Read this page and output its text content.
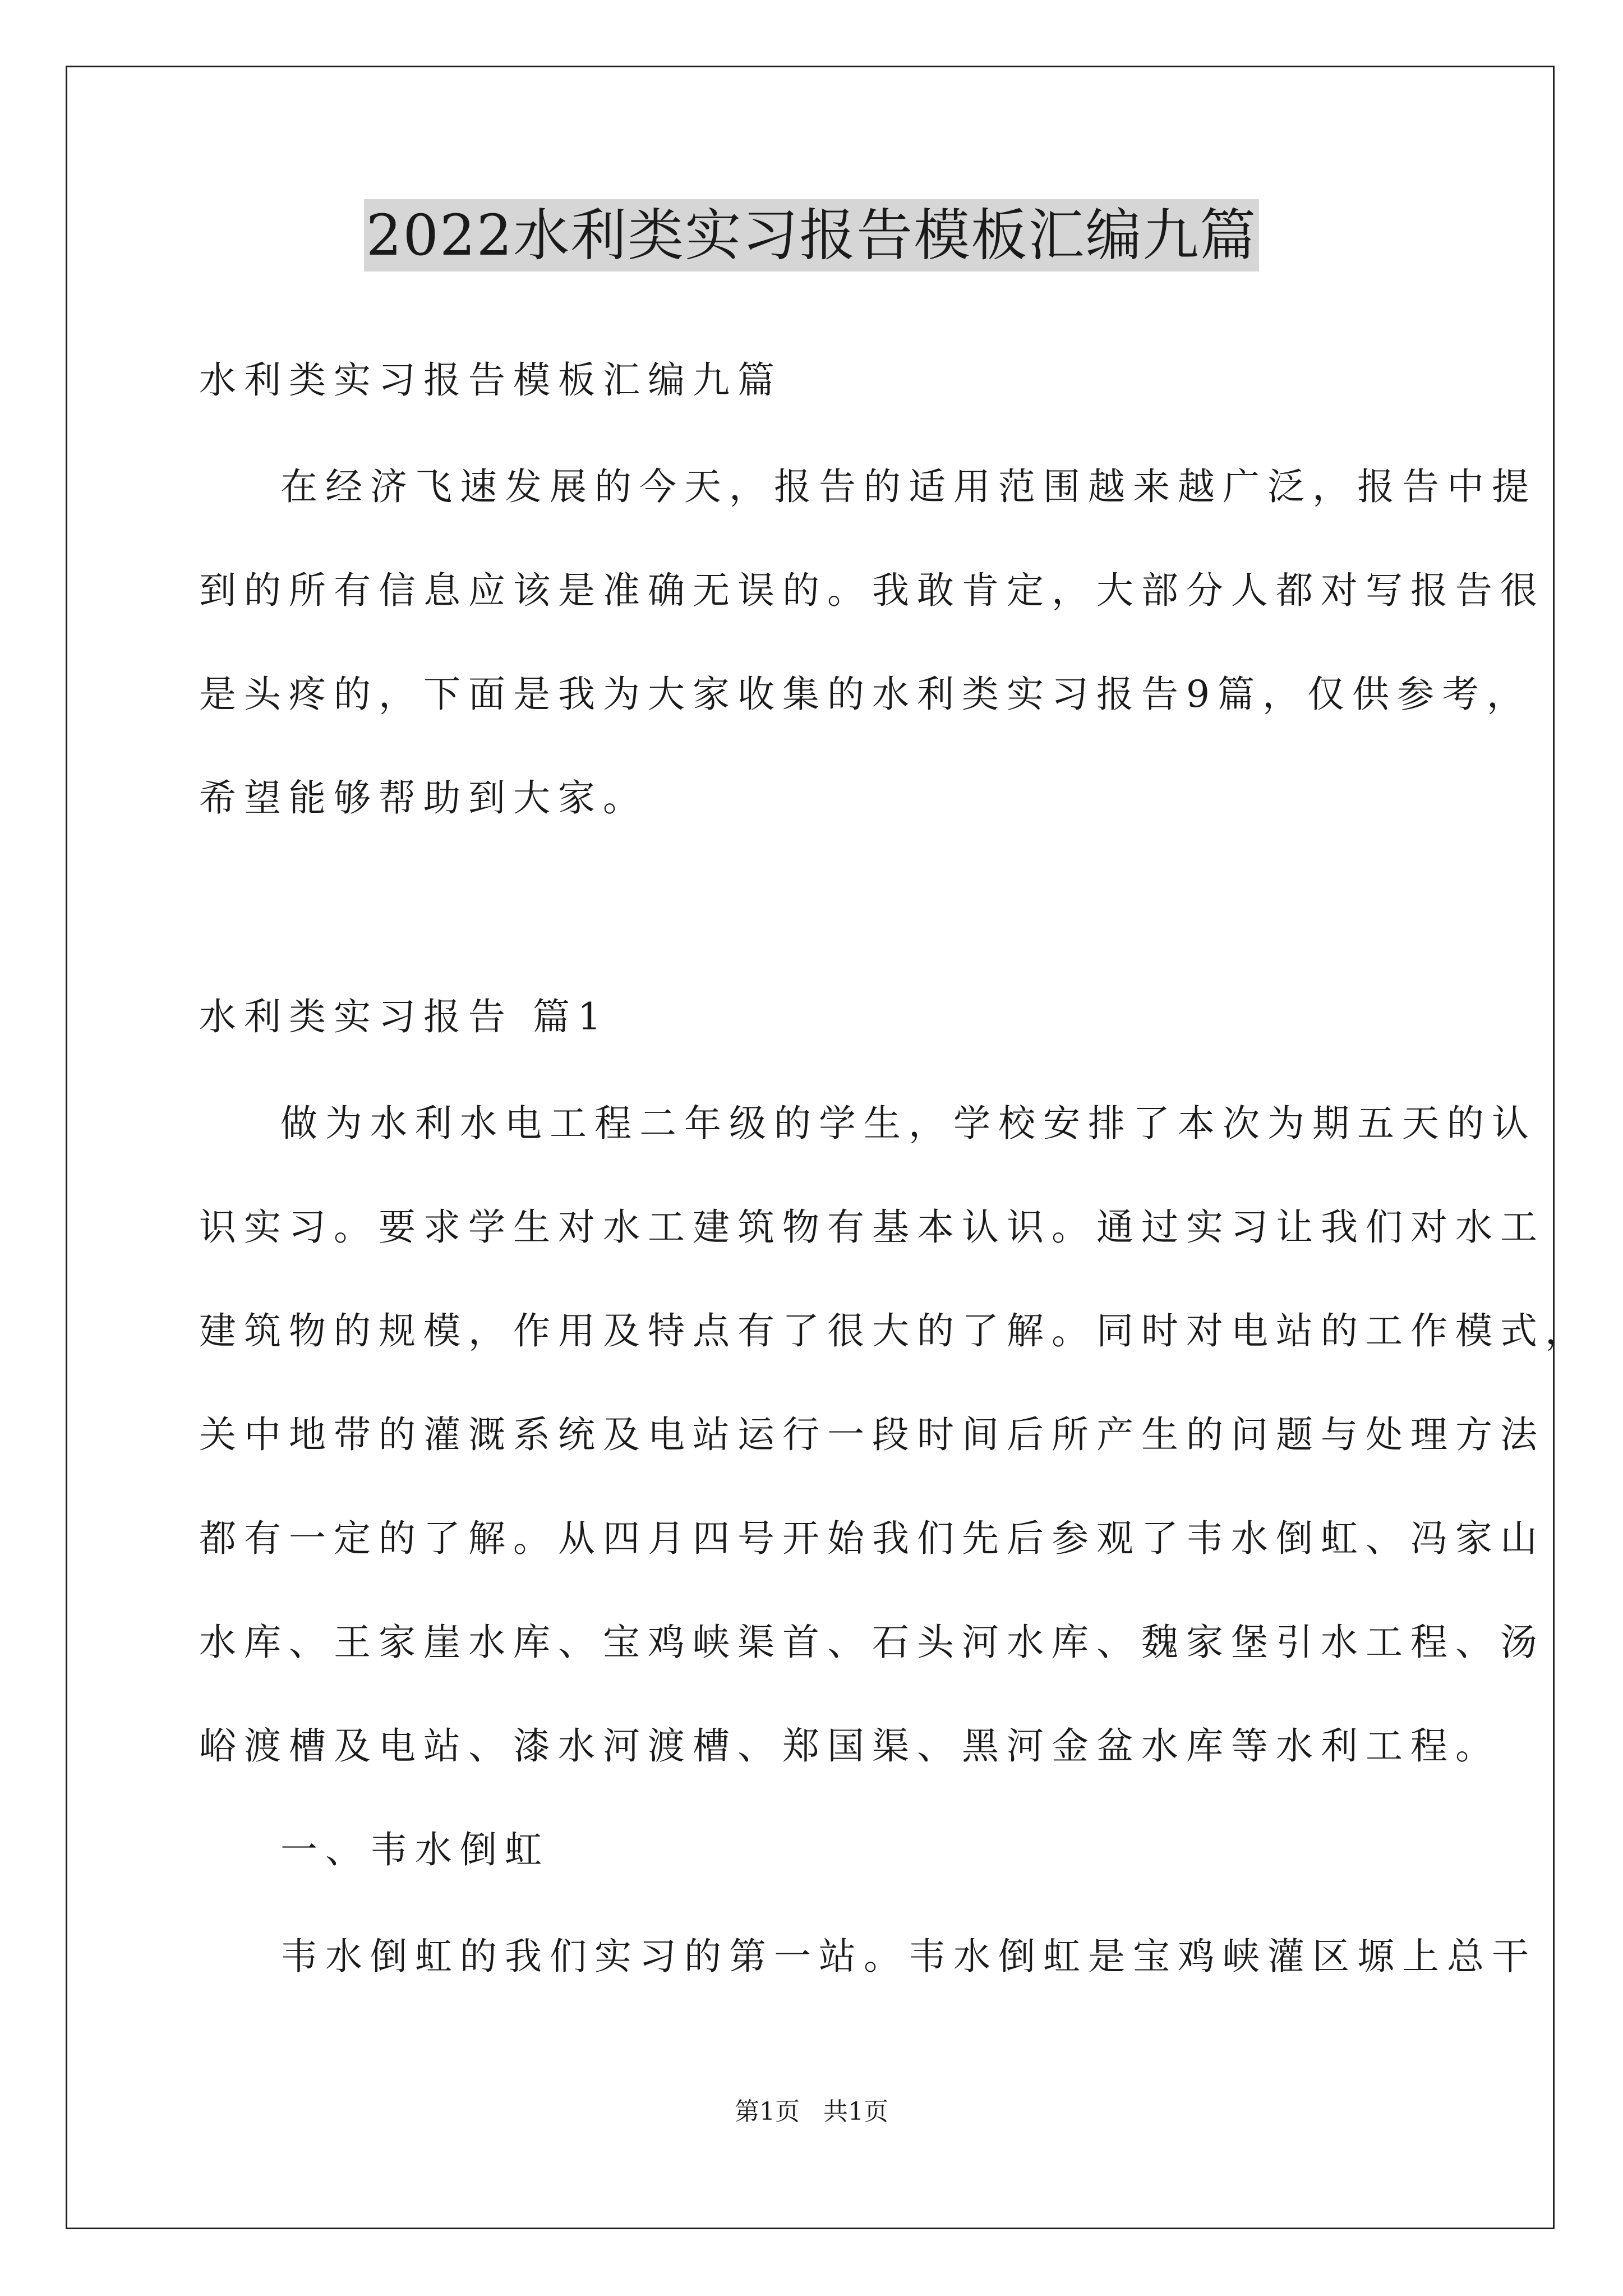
2022水利类实习报告模板汇编九篇
水利类实习报告模板汇编九篇
在经济飞速发展的今天，报告的适用范围越来越广泛，报告中提
到的所有信息应该是准确无误的。我敢肯定，大部分人都对写报告很
是头疼的，下面是我为大家收集的水利类实习报告9篇，仅供参考，
希望能够帮助到大家。
水利类实习报告 篇1
做为水利水电工程二年级的学生，学校安排了本次为期五天的认
识实习。要求学生对水工建筑物有基本认识。通过实习让我们对水工
建筑物的规模，作用及特点有了很大的了解。同时对电站的工作模式，
关中地带的灌溉系统及电站运行一段时间后所产生的问题与处理方法
都有一定的了解。从四月四号开始我们先后参观了韦水倒虹、冯家山
水库、王家崖水库、宝鸡峡渠首、石头河水库、魏家堡引水工程、汤
峪渡槽及电站、漆水河渡槽、郑国渠、黑河金盆水库等水利工程。
一、韦水倒虹
韦水倒虹的我们实习的第一站。韦水倒虹是宝鸡峡灌区塬上总干
第1页 共1页
